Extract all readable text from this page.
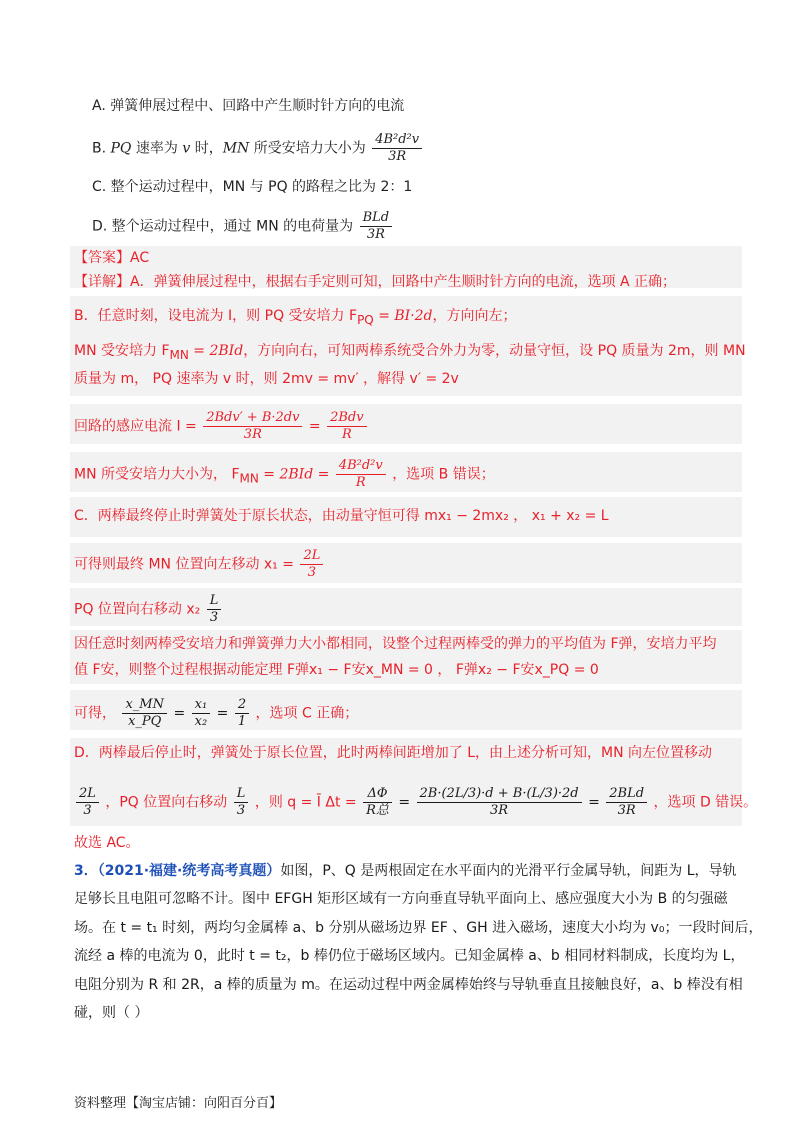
A. 弹簧伸展过程中、回路中产生顺时针方向的电流
B. PQ 速率为 v 时，MN 所受安培力大小为 $\frac{\text{4B²d²v}}{3R}$
C. 整个运动过程中，MN 与 PQ 的路程之比为 2：1
D. 整个运动过程中，通过 MN 的电荷量为 $\frac{\text{BLd}}{3R}$
【答案】AC
【详解】A．弹簧伸展过程中，根据右手定则可知，回路中产生顺时针方向的电流，选项 A 正确；
B．任意时刻，设电流为 I，则 PQ 受安培力 $F_{PQ} = BI\cdot 2d$，方向向左；
MN 受安培力 $F_{MN} = 2BId$，方向向右，可知两棒系统受合外力为零，动量守恒，设 PQ 质量为 2m，则 MN
质量为 m， PQ 速率为 v 时，则 2mv = mv′ ，解得 v′ = 2v
回路的感应电流 $I = \frac{\text{2Bdv′ + B·2dv}}{3R} = \frac{\text{2Bdv}}{R}$
MN 所受安培力大小为， $F_{MN} = 2BId = \frac{\text{4B²d²v}}{R}$ ，选项 B 错误；
C．两棒最终停止时弹簧处于原长状态，由动量守恒可得 mx₁ − 2mx₂ ， x₁ + x₂ = L
可得则最终 MN 位置向左移动 $x_1 = \frac{2L}{3}$
PQ 位置向右移动 $x_2 \frac{L}{3}$
因任意时刻两棒受安培力和弹簧弹力大小都相同，设整个过程两棒受的弹力的平均值为 F弹，安培力平均
值 F安，则整个过程根据动能定理 F弹x₁ − F安x_MN = 0 ， F弹x₂ − F安x_PQ = 0
可得， $\frac{x\_MN}{x\_PQ} = \frac{\text{x₁}}{\text{x₂}} = \frac{2}{1}$ ，选项 C 正确；
D．两棒最后停止时，弹簧处于原长位置，此时两棒间距增加了 L，由上述分析可知，MN 向左位置移动
$\frac{2L}{3}$ ，PQ 位置向右移动 $\frac{L}{3}$ ，则 q = Ī $\Delta t = \frac{\Delta\Phi}{\text{R总}} = \frac{2B\cdot(2L/3)\cdot d + B\cdot(L/3)\cdot 2d}{3R} = \frac{\text{2BLd}}{3R}$ ，选项 D 错误。
故选 AC。
3．（2021·福建·统考高考真题）如图，P、Q 是两根固定在水平面内的光滑平行金属导轨，间距为 L，导轨
足够长且电阻可忽略不计。图中 EFGH 矩形区域有一方向垂直导轨平面向上、感应强度大小为 B 的匀强磁
场。在 t = t₁ 时刻，两均匀金属棒 a、b 分别从磁场边界 EF 、GH 进入磁场，速度大小均为 v₀；一段时间后，
流经 a 棒的电流为 0，此时 t = t₂，b 棒仍位于磁场区域内。已知金属棒 a、b 相同材料制成，长度均为 L，
电阻分别为 R 和 2R，a 棒的质量为 m。在运动过程中两金属棒始终与导轨垂直且接触良好，a、b 棒没有相
碰，则（ ）
资料整理【淘宝店铺：向阳百分百】
